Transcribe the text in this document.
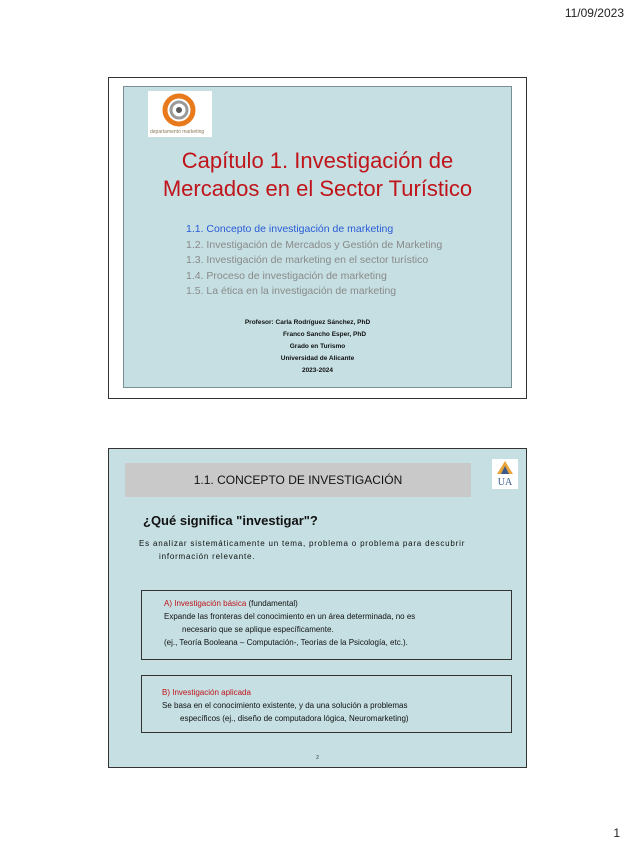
11/09/2023
departamento marketing
Capítulo 1. Investigación de
Mercados en el Sector Turístico
1.1. Concepto de investigación de marketing
1.2. Investigación de Mercados y Gestión de Marketing
1.3. Investigación de marketing en el sector turístico
1.4. Proceso de investigación de marketing
1.5. La ética en la investigación de marketing
Profesor: Carla Rodríguez Sánchez, PhD
Franco Sancho Esper, PhD
Grado en Turismo
Universidad de Alicante
2023-2024
1.1. CONCEPTO DE INVESTIGACIÓN	UA
¿Qué significa "investigar"?
Es analizar sistemáticamente un tema, problema o problema para descubrir
información relevante.
A) Investigación básica (fundamental)
Expande las fronteras del conocimiento en un área determinada, no es
necesario que se aplique específicamente.
(ej., Teoría Booleana – Computación-, Teorías de la Psicología, etc.).
B) Investigación aplicada
Se basa en el conocimiento existente, y da una solución a problemas
específicos (ej., diseño de computadora lógica, Neuromarketing)
2
1
